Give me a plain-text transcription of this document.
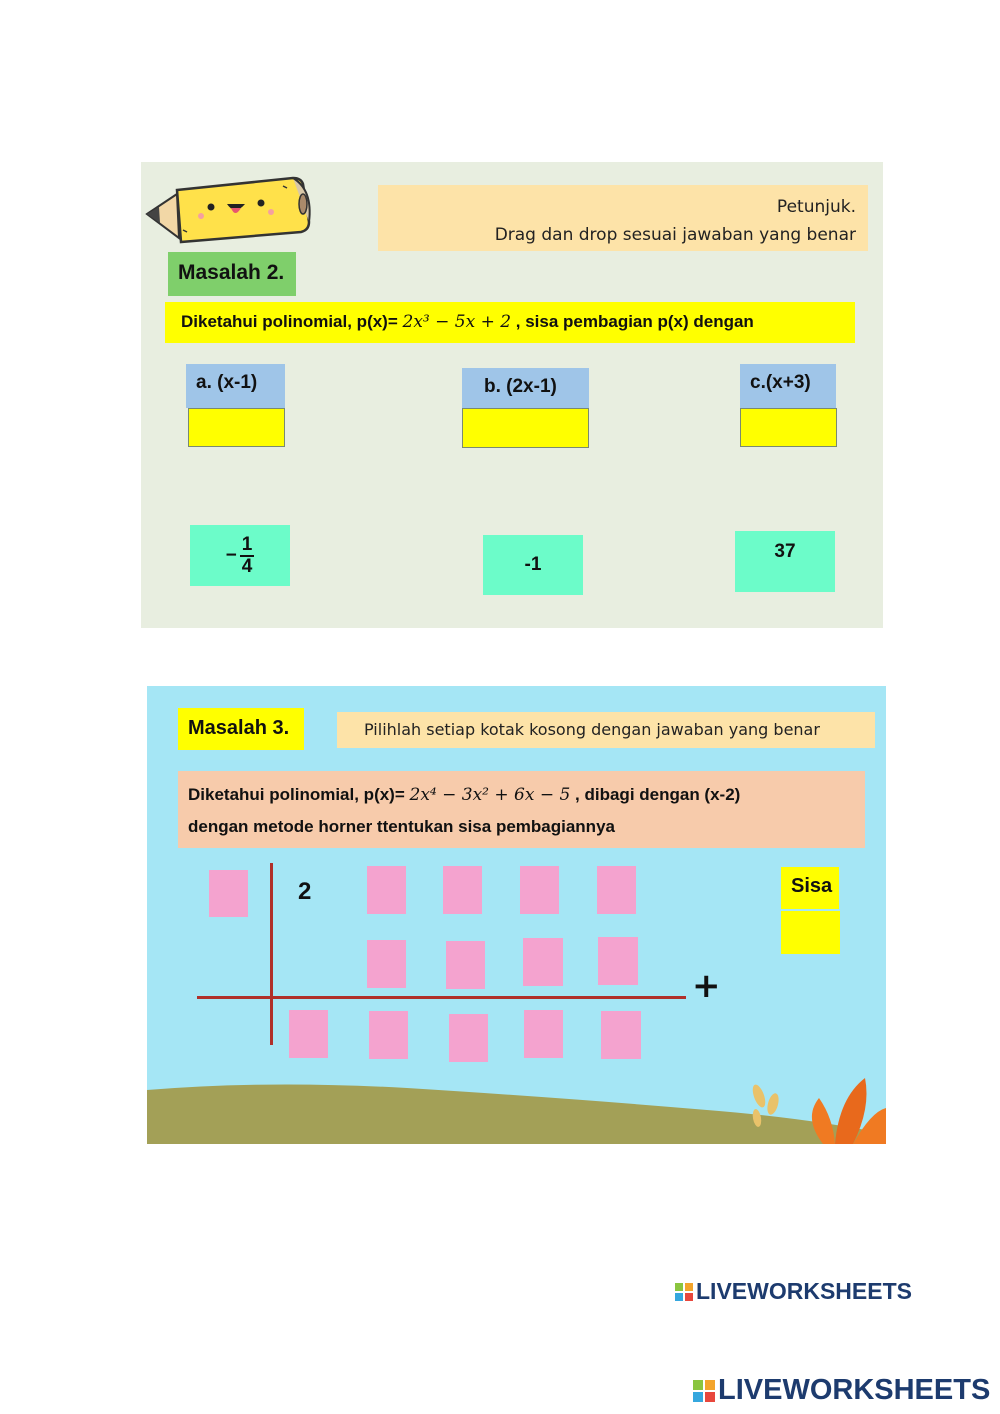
Petunjuk.
Drag dan drop sesuai jawaban yang benar
Masalah 2.
Diketahui polinomial, p(x)= 2x³ − 5x + 2 , sisa pembagian p(x) dengan
a. (x-1)	b. (2x-1)	c.(x+3)
− $\frac{1}{4}$	-1
37
Masalah 3.	Pilihlah setiap kotak kosong dengan jawaban yang benar
Diketahui polinomial, p(x)= 2x⁴ − 3x² + 6x − 5 , dibagi dengan (x-2)
dengan metode horner ttentukan sisa pembagiannya
2
+
Sisa
LIVEWORKSHEETS
LIVEWORKSHEETS
